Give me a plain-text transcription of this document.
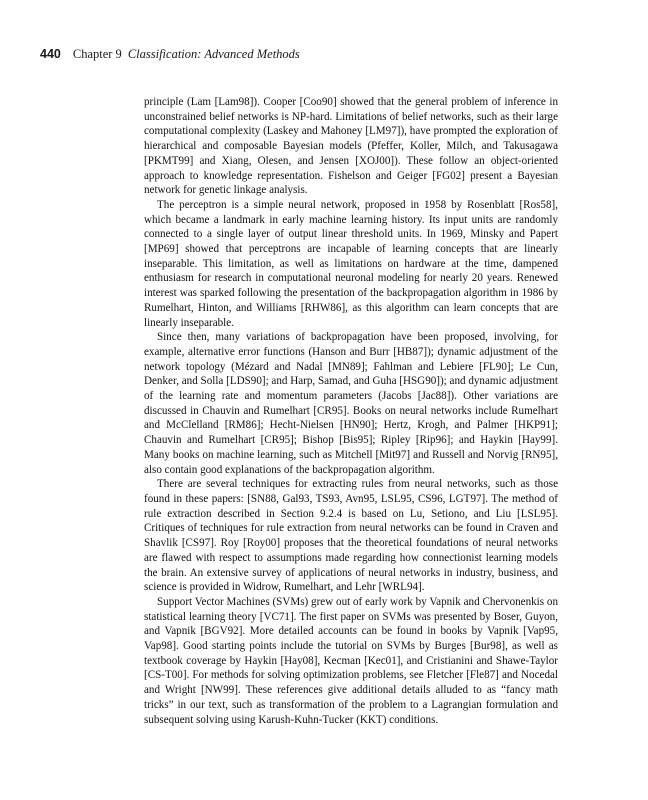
440 Chapter 9 Classification: Advanced Methods

principle (Lam [Lam98]). Cooper [Coo90] showed that the general problem of inference in unconstrained belief networks is NP-hard. Limitations of belief networks, such as their large computational complexity (Laskey and Mahoney [LM97]), have prompted the exploration of hierarchical and composable Bayesian models (Pfeffer, Koller, Milch, and Takusagawa [PKMT99] and Xiang, Olesen, and Jensen [XOJ00]). These follow an object-oriented approach to knowledge representation. Fishelson and Geiger [FG02] present a Bayesian network for genetic linkage analysis.

The perceptron is a simple neural network, proposed in 1958 by Rosenblatt [Ros58], which became a landmark in early machine learning history. Its input units are randomly connected to a single layer of output linear threshold units. In 1969, Minsky and Papert [MP69] showed that perceptrons are incapable of learning concepts that are linearly inseparable. This limitation, as well as limitations on hardware at the time, dampened enthusiasm for research in computational neuronal modeling for nearly 20 years. Renewed interest was sparked following the presentation of the backpropagation algorithm in 1986 by Rumelhart, Hinton, and Williams [RHW86], as this algorithm can learn concepts that are linearly inseparable.

Since then, many variations of backpropagation have been proposed, involving, for example, alternative error functions (Hanson and Burr [HB87]); dynamic adjustment of the network topology (Mézard and Nadal [MN89]; Fahlman and Lebiere [FL90]; Le Cun, Denker, and Solla [LDS90]; and Harp, Samad, and Guha [HSG90]); and dynamic adjustment of the learning rate and momentum parameters (Jacobs [Jac88]). Other variations are discussed in Chauvin and Rumelhart [CR95]. Books on neural networks include Rumelhart and McClelland [RM86]; Hecht-Nielsen [HN90]; Hertz, Krogh, and Palmer [HKP91]; Chauvin and Rumelhart [CR95]; Bishop [Bis95]; Ripley [Rip96]; and Haykin [Hay99]. Many books on machine learning, such as Mitchell [Mit97] and Russell and Norvig [RN95], also contain good explanations of the backpropagation algorithm.

There are several techniques for extracting rules from neural networks, such as those found in these papers: [SN88, Gal93, TS93, Avn95, LSL95, CS96, LGT97]. The method of rule extraction described in Section 9.2.4 is based on Lu, Setiono, and Liu [LSL95]. Critiques of techniques for rule extraction from neural networks can be found in Craven and Shavlik [CS97]. Roy [Roy00] proposes that the theoretical foundations of neural networks are flawed with respect to assumptions made regarding how connectionist learning models the brain. An extensive survey of applications of neural networks in industry, business, and science is provided in Widrow, Rumelhart, and Lehr [WRL94].

Support Vector Machines (SVMs) grew out of early work by Vapnik and Chervonenkis on statistical learning theory [VC71]. The first paper on SVMs was presented by Boser, Guyon, and Vapnik [BGV92]. More detailed accounts can be found in books by Vapnik [Vap95, Vap98]. Good starting points include the tutorial on SVMs by Burges [Bur98], as well as textbook coverage by Haykin [Hay08], Kecman [Kec01], and Cristianini and Shawe-Taylor [CS-T00]. For methods for solving optimization problems, see Fletcher [Fle87] and Nocedal and Wright [NW99]. These references give additional details alluded to as “fancy math tricks” in our text, such as transformation of the problem to a Lagrangian formulation and subsequent solving using Karush-Kuhn-Tucker (KKT) conditions.
